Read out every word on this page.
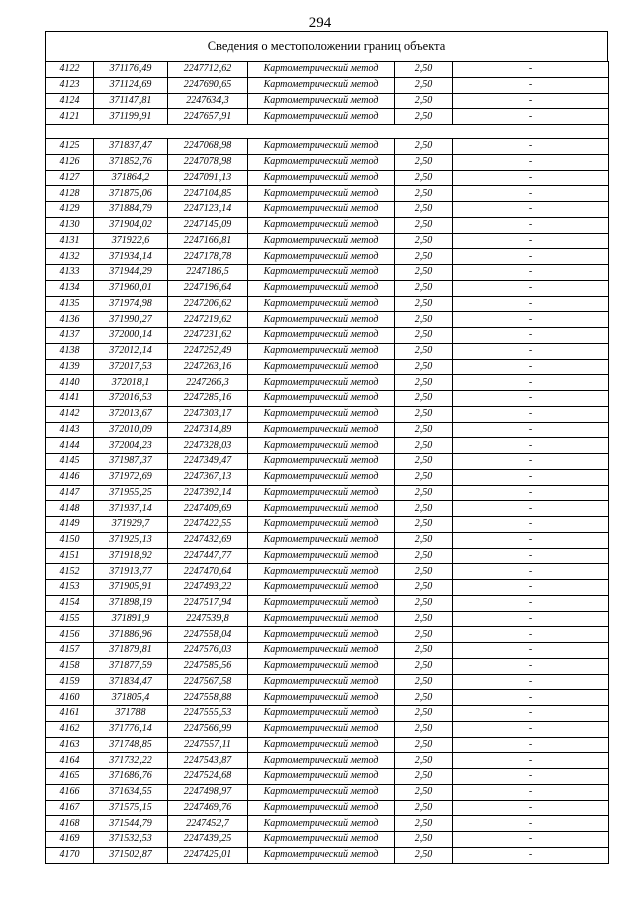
294
Сведения о местоположении границ объекта
4122	371176,49	2247712,62	Картометрический метод	2,50	-
4123	371124,69	2247690,65	Картометрический метод	2,50	-
4124	371147,81	2247634,3	Картометрический метод	2,50	-
4121	371199,91	2247657,91	Картометрический метод	2,50	-

4125	371837,47	2247068,98	Картометрический метод	2,50	-
4126	371852,76	2247078,98	Картометрический метод	2,50	-
4127	371864,2	2247091,13	Картометрический метод	2,50	-
4128	371875,06	2247104,85	Картометрический метод	2,50	-
4129	371884,79	2247123,14	Картометрический метод	2,50	-
4130	371904,02	2247145,09	Картометрический метод	2,50	-
4131	371922,6	2247166,81	Картометрический метод	2,50	-
4132	371934,14	2247178,78	Картометрический метод	2,50	-
4133	371944,29	2247186,5	Картометрический метод	2,50	-
4134	371960,01	2247196,64	Картометрический метод	2,50	-
4135	371974,98	2247206,62	Картометрический метод	2,50	-
4136	371990,27	2247219,62	Картометрический метод	2,50	-
4137	372000,14	2247231,62	Картометрический метод	2,50	-
4138	372012,14	2247252,49	Картометрический метод	2,50	-
4139	372017,53	2247263,16	Картометрический метод	2,50	-
4140	372018,1	2247266,3	Картометрический метод	2,50	-
4141	372016,53	2247285,16	Картометрический метод	2,50	-
4142	372013,67	2247303,17	Картометрический метод	2,50	-
4143	372010,09	2247314,89	Картометрический метод	2,50	-
4144	372004,23	2247328,03	Картометрический метод	2,50	-
4145	371987,37	2247349,47	Картометрический метод	2,50	-
4146	371972,69	2247367,13	Картометрический метод	2,50	-
4147	371955,25	2247392,14	Картометрический метод	2,50	-
4148	371937,14	2247409,69	Картометрический метод	2,50	-
4149	371929,7	2247422,55	Картометрический метод	2,50	-
4150	371925,13	2247432,69	Картометрический метод	2,50	-
4151	371918,92	2247447,77	Картометрический метод	2,50	-
4152	371913,77	2247470,64	Картометрический метод	2,50	-
4153	371905,91	2247493,22	Картометрический метод	2,50	-
4154	371898,19	2247517,94	Картометрический метод	2,50	-
4155	371891,9	2247539,8	Картометрический метод	2,50	-
4156	371886,96	2247558,04	Картометрический метод	2,50	-
4157	371879,81	2247576,03	Картометрический метод	2,50	-
4158	371877,59	2247585,56	Картометрический метод	2,50	-
4159	371834,47	2247567,58	Картометрический метод	2,50	-
4160	371805,4	2247558,88	Картометрический метод	2,50	-
4161	371788	2247555,53	Картометрический метод	2,50	-
4162	371776,14	2247566,99	Картометрический метод	2,50	-
4163	371748,85	2247557,11	Картометрический метод	2,50	-
4164	371732,22	2247543,87	Картометрический метод	2,50	-
4165	371686,76	2247524,68	Картометрический метод	2,50	-
4166	371634,55	2247498,97	Картометрический метод	2,50	-
4167	371575,15	2247469,76	Картометрический метод	2,50	-
4168	371544,79	2247452,7	Картометрический метод	2,50	-
4169	371532,53	2247439,25	Картометрический метод	2,50	-
4170	371502,87	2247425,01	Картометрический метод	2,50	-
